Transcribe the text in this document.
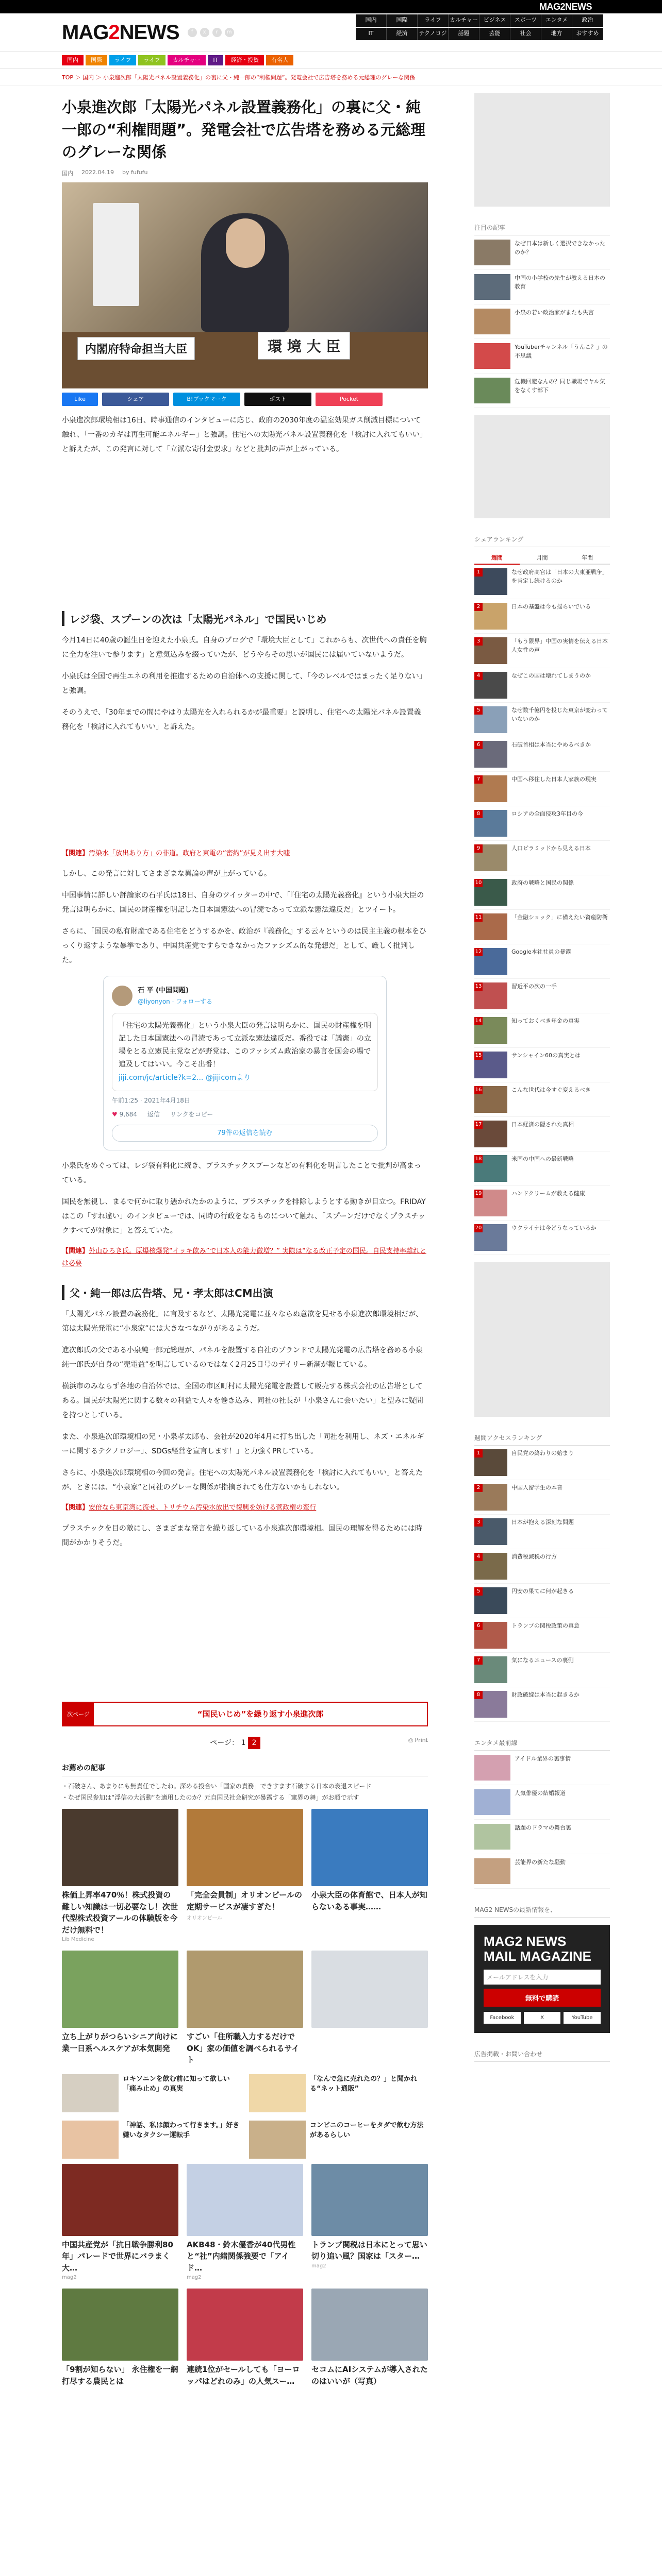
MAG2NEWS
MAG2NEWS	f	x	r	m
国内	国際	ライフ	カルチャー ビジネス	スポーツ	エンタメ	政治
IT	経済	テクノロジー
話題	芸能	社会	地方	おすすめ
国内	国際	ライフ	ライフ	カルチャー	IT	経済・投資	有名人
TOP ＞ 国内 ＞ 小泉進次郎「太陽光パネル設置義務化」の裏に父・純一郎の“利権問題”。発電会社で広告塔を務める元総理のグレーな関係
小泉進次郎「太陽光パネル設置義務化」の裏に父・純一郎の“利権問題”。発電会社で広告塔を務める元総理のグレーな関係
国内 2022.04.19 by fufufu
内閣府特命担当大臣	環 境 大 臣
Like	シェア	B!ブックマーク	ポスト	Pocket

小泉進次郎環境相は16日、時事通信のインタビューに応じ、政府の2030年度の温室効果ガス削減目標について触れ、「一番のカギは再生可能エネルギー」と強調。住宅への太陽光パネル設置義務化を「検討に入れてもいい」と訴えたが、この発言に対して「立派な寄付金要求」などと批判の声が上がっている。

レジ袋、スプーンの次は「太陽光パネル」で国民いじめ

今月14日に40歳の誕生日を迎えた小泉氏。自身のブログで「環境大臣として」これからも、次世代への責任を胸に全力を注いで参ります」と意気込みを綴っていたが、どうやらその思いが国民には届いていないようだ。

小泉氏は全国で再生エネの利用を推進するための自治体への支援に関して、「今のレベルではまったく足りない」と強調。

そのうえで、「30年までの間にやはり太陽光を入れられるかが最重要」と説明し、住宅への太陽光パネル設置義務化を「検討に入れてもいい」と訴えた。

【関連】汚染水「放出あり方」の非道。政府と東電の“密約”が見え出す大嘘

しかし、この発言に対してさまざまな異論の声が上がっている。

中国事情に詳しい評論家の石平氏は18日、自身のツイッターの中で、「『住宅の太陽光義務化』という小泉大臣の発言は明らかに、国民の財産権を明記した日本国憲法への冒涜であって立派な憲法違反だ」とツイート。

さらに、「国民の私有財産である住宅をどうするかを、政治が『義務化』する云々というのは民主主義の根本をひっくり返すような暴挙であり、中国共産党ですらできなかったファシズム的な発想だ」として、厳しく批判した。

石 平 (中国問題)
@liyonyon · フォローする
「住宅の太陽光義務化」という小泉大臣の発言は明らかに、国民の財産権を明記した日本国憲法への冒涜であって立派な憲法違反だ。番役では「議憲」の立場をとる立憲民主党などが野党は、このファシズム政治家の暴言を国会の場で追及してはいい。今こそ出番！
jiji.com/jc/article?k=2... @jijicomより
午前1:25 · 2021年4月18日
♥ 9,684 返信 リンクをコピー
79件の返信を読む

小泉氏をめぐっては、レジ袋有料化に続き、プラスチックスプーンなどの有料化を明言したことで批判が高まっている。

国民を無視し、まるで何かに取り憑かれたかのように、プラスチックを排除しようとする動きが目立つ。FRIDAYはこの「すれ違い」のインタビューでは、同時の行政をなるものについて触れ、「スプーンだけでなくプラスチックすべてが対象に」と答えていた。

【関連】外山ひろき氏。原爆核爆発“イッキ飲み”で日本人の能力微増？” 実際は“なる改正予定の国民。自民支持率離れとは必要
父・純一郎は広告塔、兄・孝太郎はCM出演

「太陽光パネル設置の義務化」に言及するなど、太陽光発電に並々ならぬ意欲を見せる小泉進次郎環境相だが、第は太陽光発電に“小泉家”には大きなつながりがあるようだ。

進次郎氏の父である小泉純一郎元総理が、パネルを設置する自社のブランドで太陽光発電の広告塔を務める小泉純一郎氏が自身の“売電益”を明言しているのではなく2月25日号のデイリー新潮が報じている。

横浜市のみならず各地の自治体では、全国の市区町村に太陽光発電を設置して販売する株式会社の広告塔としてある。国民が太陽光に関する数々の利益で人々を巻き込み、同社の社長が「小泉さんに会いたい」と望みに疑問を持つとしている。

また、小泉進次郎環境相の兄・小泉孝太郎も、会社が2020年4月に打ち出した「同社を利用し、ネズ・エネルギーに関するテクノロジー」、SDGs経営を宣言します！」と力強くPRしている。

さらに、小泉進次郎環境相の今回の発言。住宅への太陽光パネル設置義務化を「検討に入れてもいい」と答えたが、ときには、“小泉家”と同社のグレーな関係が指摘されても仕方ないかもしれない。

【関連】安倍なら東京湾に流せ。トリチウム汚染水放出で復興を妨げる菅政権の蛮行

プラスチックを目の敵にし、さまざまな発言を繰り返している小泉進次郎環境相。国民の理解を得るためには時間がかかりそうだ。

次ページ	“国民いじめ”を繰り返す小泉進次郎
ページ： 1 2	⎙ Print
お薦めの記事
・石破さん、あまりにも無責任でしたね。深める投合い「国家の責務」できすます石破する日本の衰退スピード
・なぜ国民参加は“浮信の大活動”を適用したのか？元自国民社会研究が暴露する「憲界の舞」がお顔で示す
株価上昇率470％！株式投資の難しい知識は一切必要なし！次世代型株式投資アールの体験版を今だけ無料で！
Lib Medicine
「完全会員制」オリオンビールの定期サービスが凄すぎた！
オリオンビール
小泉大臣の体育館で、日本人が知らないある事実……
立ち上がりがつらいシニア向けに業一日系ヘルスケアが本気開発
すごい「住所職入力するだけでOK」家の価値を調べられるサイト
ロキソニンを飲む前に知って欲しい「痛み止め」の真実
「なんで急に売れたの？」と聞かれる“ネット通販”
「神話、私は顔わって行きます。」好き嫌いなタクシー運転手
コンビニのコーヒーをタダで飲む方法があるらしい
中国共産党が「抗日戦争勝利80年」パレードで世界にバラまく大…
mag2
AKB48・鈴木優香が40代男性と“社”内緒関係強要で「アイド…
mag2
トランプ関税は日本にとって思い切り追い風？国家は「スター…
mag2
「9割が知らない」 永住権を一網打尽する農民とは
連続1位がセールしても「ヨーロッパはどれのみ」の人気スー…
セコムにAIシステムが導入されたのはいいが（写真）
注目の記事
なぜ日本は新しく選択できなかったのか？
中国の小学校の先生が教える日本の教育
小泉の若い政治家がまたも失言
YouTuberチャンネル「うんこ？」の不思議
危機回避なんの？同じ職場でヤル気をなくす部下
シェアランキング
週間	月間	年間
1	なぜ政府高官は「日本の大東亜戦争」を肯定し続けるのか
2	日本の基盤は今も揺らいでいる
3	「もう限界」中国の実情を伝える日本人女性の声
4	なぜこの国は壊れてしまうのか
5	なぜ数千億円を投じた東京が変わっていないのか
6	石破首相は本当にやめるべきか
7	中国へ移住した日本人家族の現実
8	ロシアの全面侵攻3年目の今
9	人口ピラミッドから見える日本
10	政府の戦略と国民の関係
11	「金融ショック」に備えたい資産防衛
12	Google本社社員の暴露
13	習近平の次の一手
14	知っておくべき年金の真実
15	サンシャイン60の真実とは
16	こんな世代は今すぐ変えるべき
17	日本経済の隠された真相
18	米国の中国への最新戦略
19	ハンドクリームが教える健康
20	ウクライナは今どうなっているか
週間アクセスランキング
1	自民党の終わりの始まり
2	中国人留学生の本音
3	日本が抱える深刻な問題
4	消費税減税の行方
5	円安の果てに何が起きる
6	トランプの関税政策の真意
7	気になるニュースの裏側
8	財政破綻は本当に起きるか
エンタメ最前線
アイドル業界の裏事情
人気俳優の結婚報道
話題のドラマの舞台裏
芸能界の新たな騒動
MAG2 NEWSの最新情報を、
MAG2 NEWS MAIL MAGAZINE
メールアドレスを入力
無料で購読
Facebook	X	YouTube
広告掲載・お問い合わせ
